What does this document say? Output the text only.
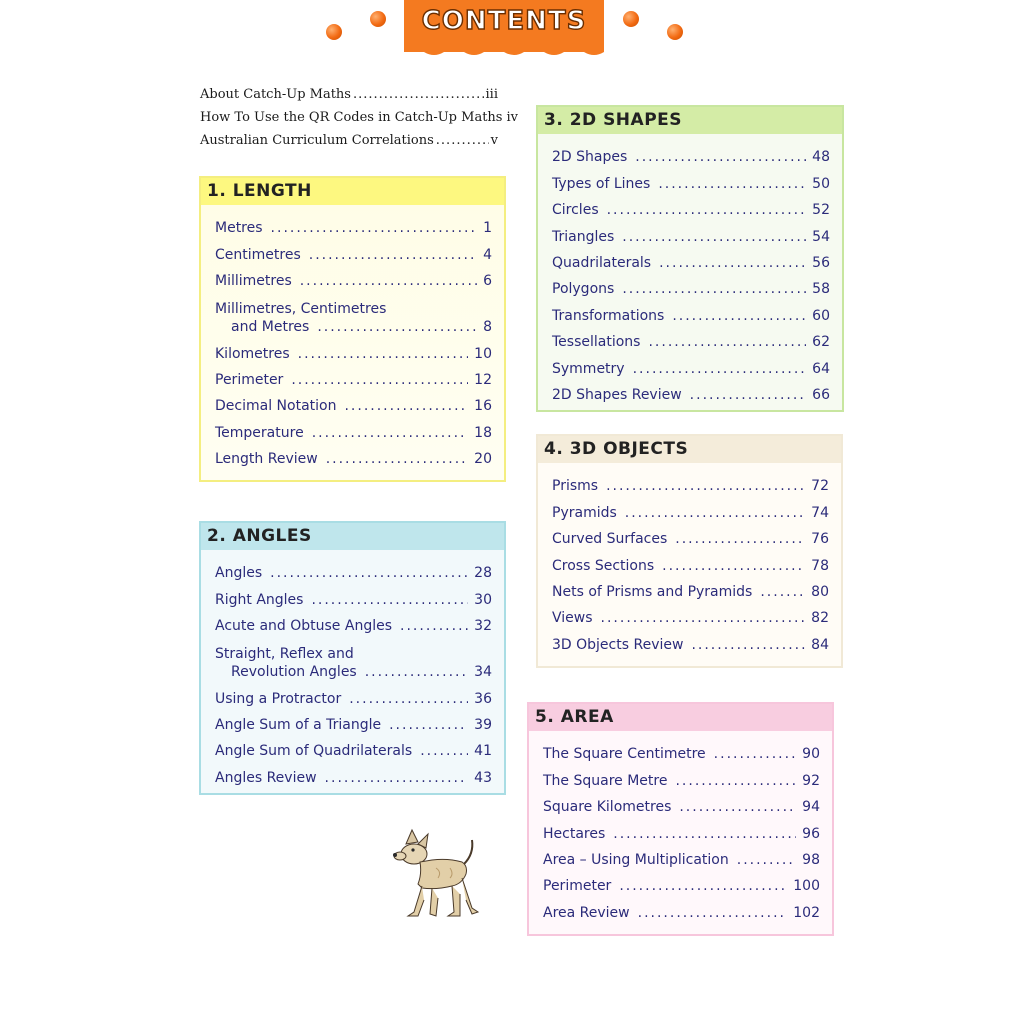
CONTENTS
About Catch-Up Maths .....	iii
How To Use the QR Codes in Catch-Up Maths iv
Australian Curriculum Correlations .....	v
1. LENGTH
Metres .....	1
Centimetres .....	4
Millimetres .....	6
Millimetres, Centimetres
and Metres .....	8
Kilometres .....	10
Perimeter .....	12
Decimal Notation .....	16
Temperature .....	18
Length Review .....	20
2. ANGLES
Angles .....	28
Right Angles .....	30
Acute and Obtuse Angles .....	32
Straight, Reflex and
Revolution Angles .....	34
Using a Protractor .....	36
Angle Sum of a Triangle .....	39
Angle Sum of Quadrilaterals .....	41
Angles Review .....	43
3. 2D SHAPES
2D Shapes .....	48
Types of Lines .....	50
Circles .....	52
Triangles .....	54
Quadrilaterals .....	56
Polygons .....	58
Transformations .....	60
Tessellations .....	62
Symmetry .....	64
2D Shapes Review .....	66
4. 3D OBJECTS
Prisms .....	72
Pyramids .....	74
Curved Surfaces .....	76
Cross Sections .....	78
Nets of Prisms and Pyramids .....	80
Views .....	82
3D Objects Review .....	84
5. AREA
The Square Centimetre .....	90
The Square Metre .....	92
Square Kilometres .....	94
Hectares .....	96
Area – Using Multiplication .....	98
Perimeter .....	100
Area Review .....	102
